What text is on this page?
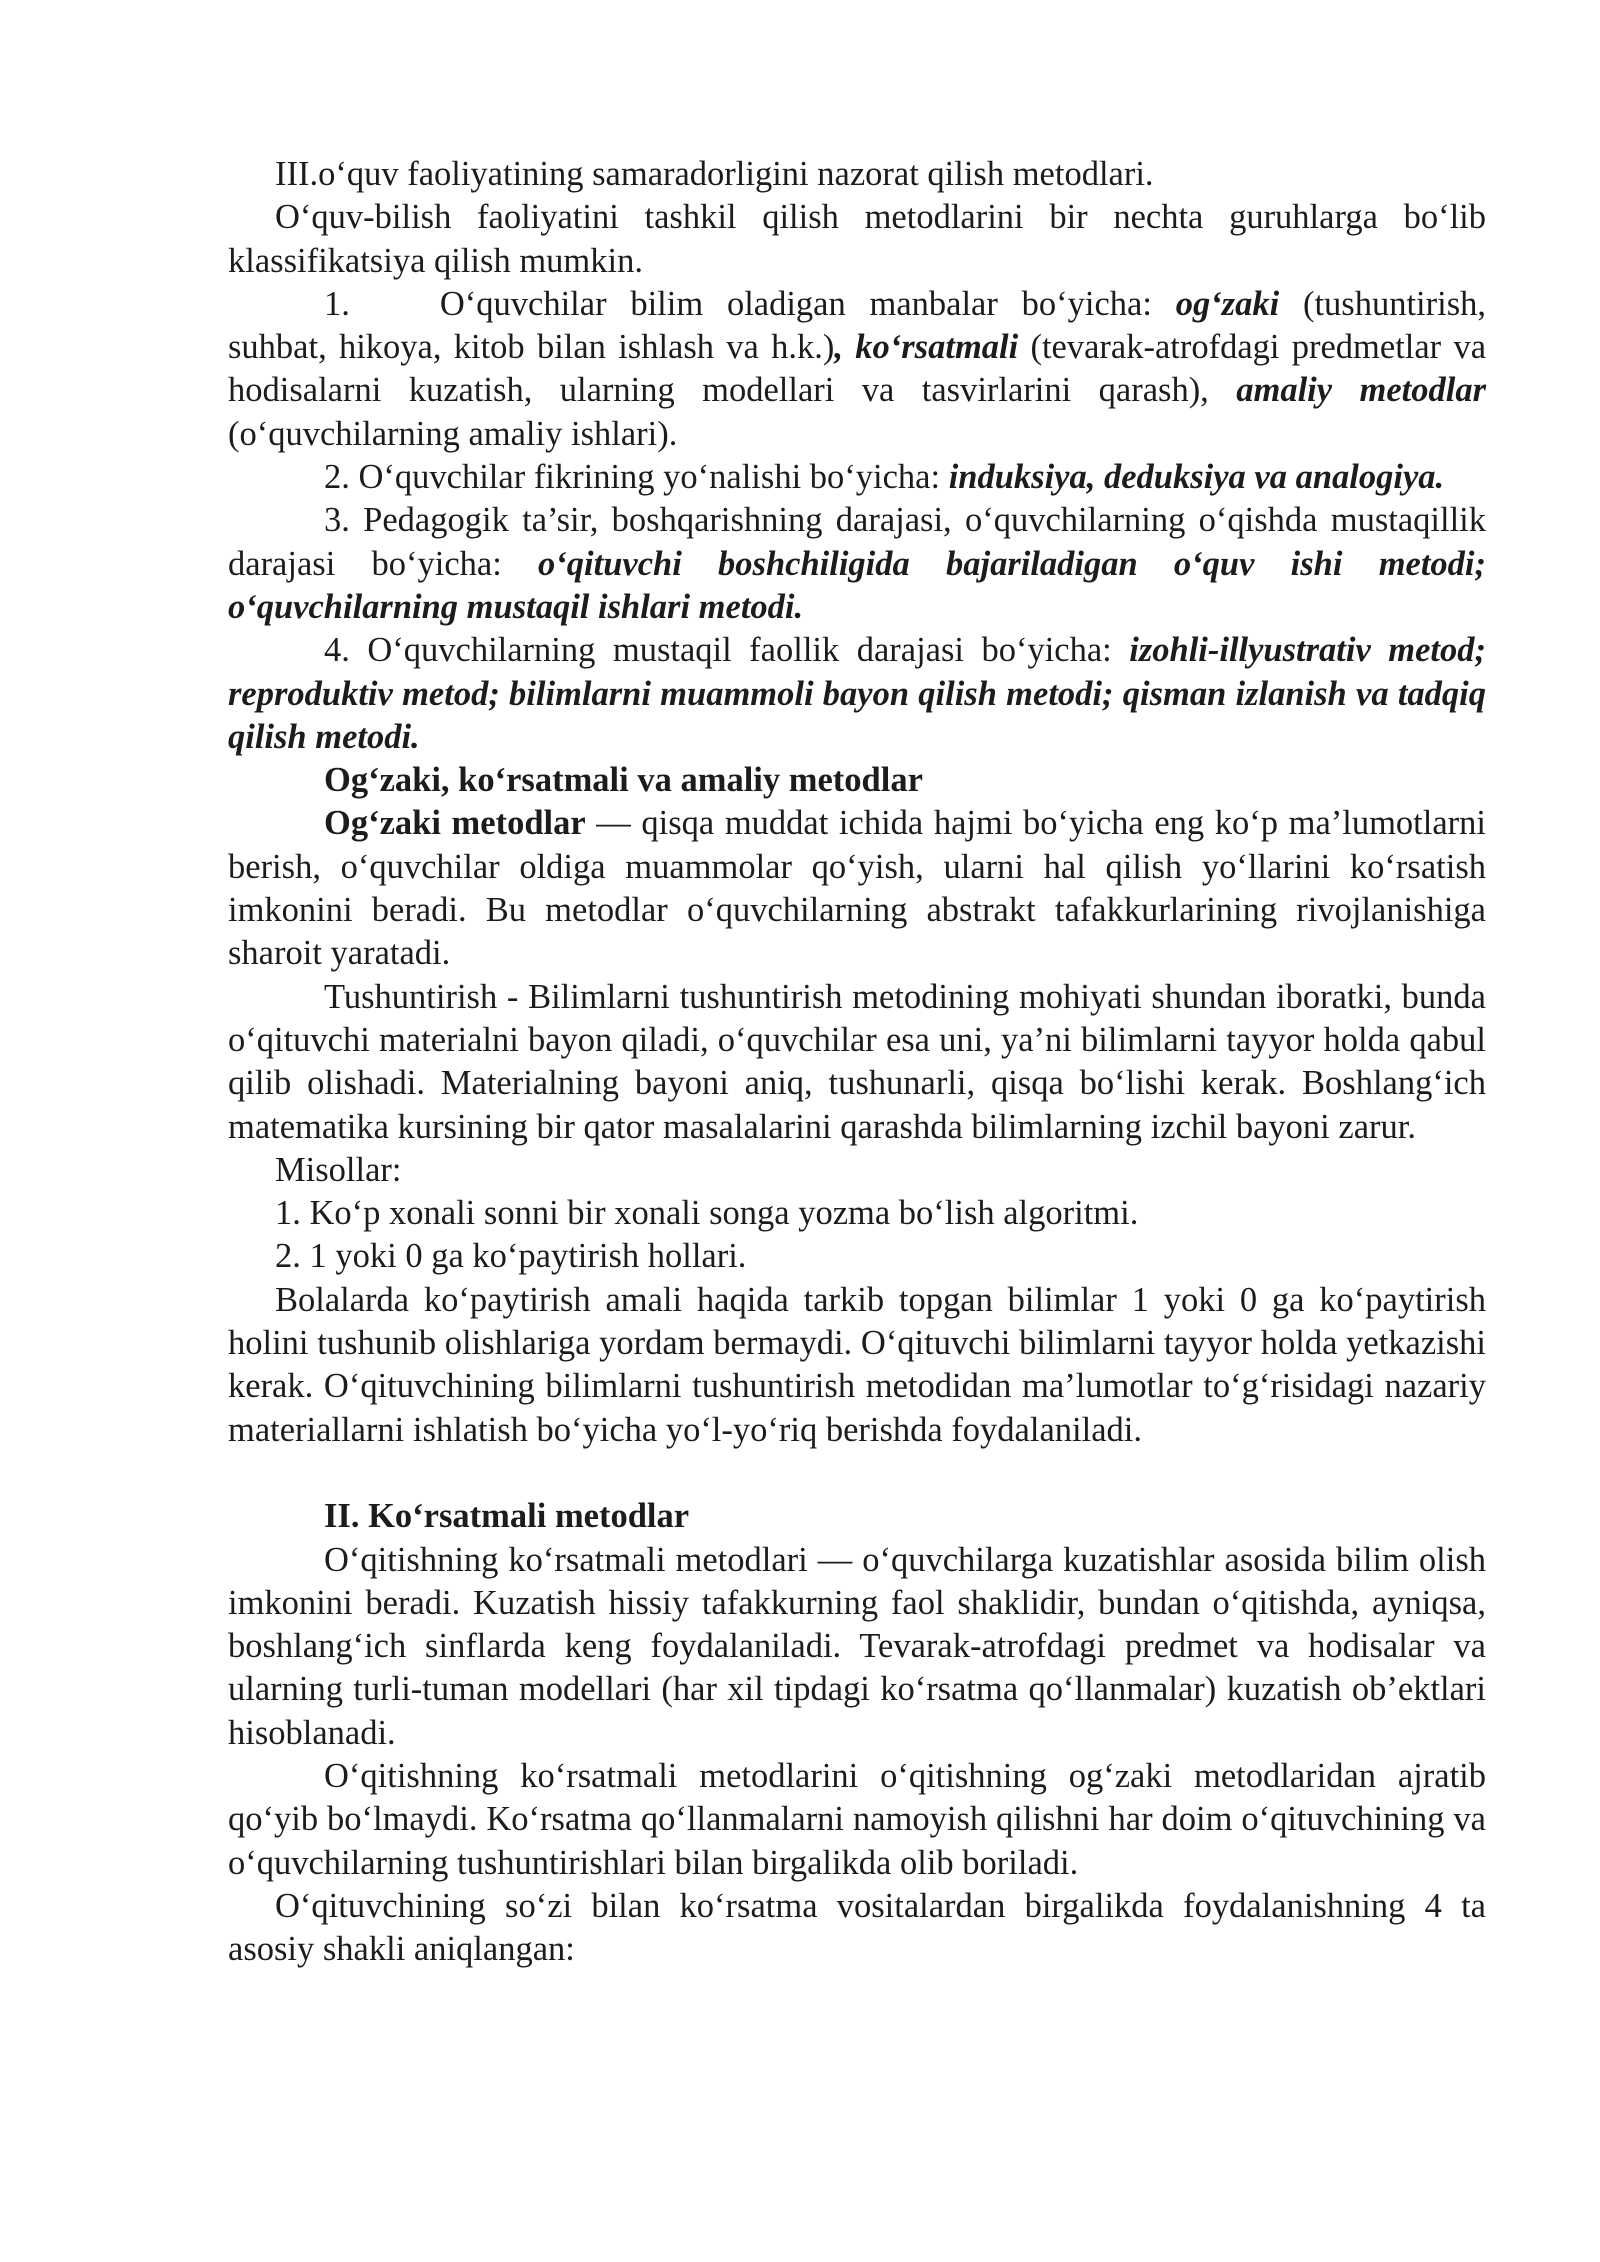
III.o‘quv faoliyatining samaradorligini nazorat qilish metodlari.

O‘quv-bilish faoliyatini tashkil qilish metodlarini bir nechta guruhlarga bo‘lib klassifikatsiya qilish mumkin.

1.	O‘quvchilar bilim oladigan manbalar bo‘yicha: og‘zaki (tushuntirish, suhbat, hikoya, kitob bilan ishlash va h.k.), ko‘rsatmali (tevarak-atrofdagi predmetlar va hodisalarni kuzatish, ularning modellari va tasvirlarini qarash), amaliy metodlar (o‘quvchilarning amaliy ishlari).

2. O‘quvchilar fikrining yo‘nalishi bo‘yicha: induksiya, deduksiya va analogiya.

3. Pedagogik ta’sir, boshqarishning darajasi, o‘quvchilarning o‘qishda mustaqillik darajasi bo‘yicha: o‘qituvchi boshchiligida bajariladigan o‘quv ishi metodi; o‘quvchilarning mustaqil ishlari metodi.

4. O‘quvchilarning mustaqil faollik darajasi bo‘yicha: izohli-illyustrativ metod; reproduktiv metod; bilimlarni muammoli bayon qilish metodi; qisman izlanish va tadqiq qilish metodi.

Og‘zaki, ko‘rsatmali va amaliy metodlar

Og‘zaki metodlar — qisqa muddat ichida hajmi bo‘yicha eng ko‘p ma’lumotlarni berish, o‘quvchilar oldiga muammolar qo‘yish, ularni hal qilish yo‘llarini ko‘rsatish imkonini beradi. Bu metodlar o‘quvchilarning abstrakt tafakkurlarining rivojlanishiga sharoit yaratadi.

Tushuntirish - Bilimlarni tushuntirish metodining mohiyati shundan iboratki, bunda o‘qituvchi materialni bayon qiladi, o‘quvchilar esa uni, ya’ni bilimlarni tayyor holda qabul qilib olishadi. Materialning bayoni aniq, tushunarli, qisqa bo‘lishi kerak. Boshlang‘ich matematika kursining bir qator masalalarini qarashda bilimlarning izchil bayoni zarur.

Misollar:

1. Ko‘p xonali sonni bir xonali songa yozma bo‘lish algoritmi.

2. 1 yoki 0 ga ko‘paytirish hollari.

Bolalarda ko‘paytirish amali haqida tarkib topgan bilimlar 1 yoki 0 ga ko‘paytirish holini tushunib olishlariga yordam bermaydi. O‘qituvchi bilimlarni tayyor holda yetkazishi kerak. O‘qituvchining bilimlarni tushuntirish metodidan ma’lumotlar to‘g‘risidagi nazariy materiallarni ishlatish bo‘yicha yo‘l-yo‘riq berishda foydalaniladi.

II. Ko‘rsatmali metodlar

O‘qitishning ko‘rsatmali metodlari — o‘quvchilarga kuzatishlar asosida bilim olish imkonini beradi. Kuzatish hissiy tafakkurning faol shaklidir, bundan o‘qitishda, ayniqsa, boshlang‘ich sinflarda keng foydalaniladi. Tevarak-atrofdagi predmet va hodisalar va ularning turli-tuman modellari (har xil tipdagi ko‘rsatma qo‘llanmalar) kuzatish ob’ektlari hisoblanadi.

O‘qitishning ko‘rsatmali metodlarini o‘qitishning og‘zaki metodlaridan ajratib qo‘yib bo‘lmaydi. Ko‘rsatma qo‘llanmalarni namoyish qilishni har doim o‘qituvchining va o‘quvchilarning tushuntirishlari bilan birgalikda olib boriladi.

O‘qituvchining so‘zi bilan ko‘rsatma vositalardan birgalikda foydalanishning 4 ta asosiy shakli aniqlangan:
